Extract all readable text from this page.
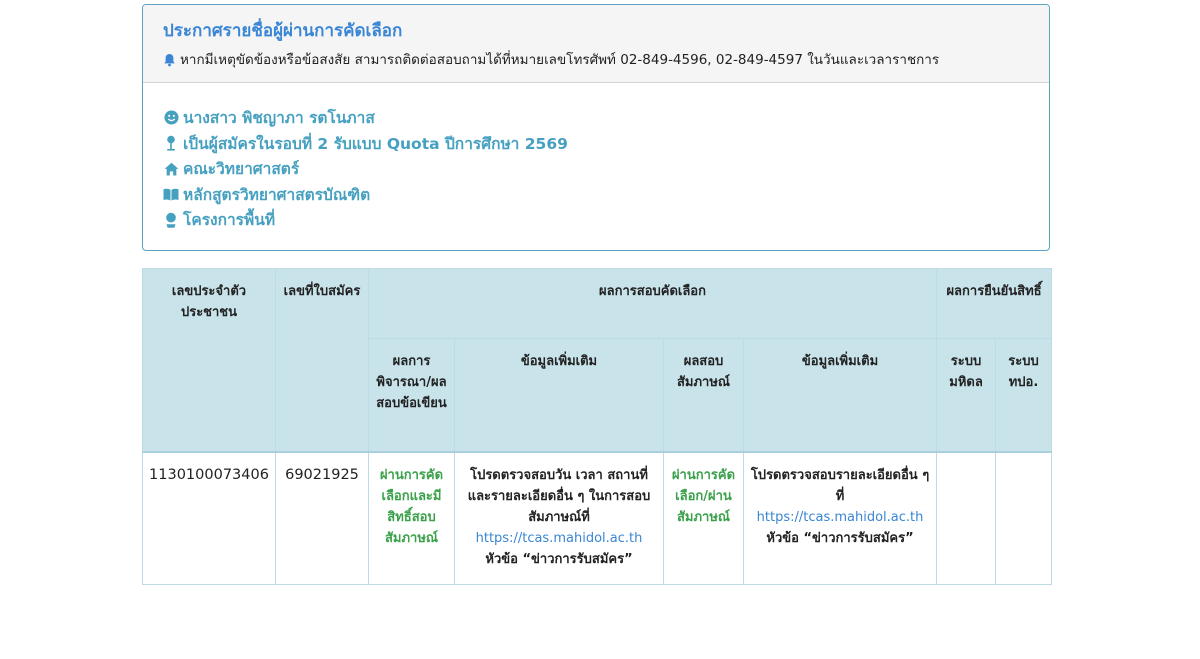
ประกาศรายชื่อผู้ผ่านการคัดเลือก
หากมีเหตุขัดข้องหรือข้อสงสัย สามารถติดต่อสอบถามได้ที่หมายเลขโทรศัพท์ 02-849-4596, 02-849-4597 ในวันและเวลาราชการ
นางสาว พิชญาภา รตโนภาส
เป็นผู้สมัครในรอบที่ 2 รับแบบ Quota ปีการศึกษา 2569
คณะวิทยาศาสตร์
หลักสูตรวิทยาศาสตรบัณฑิต
โครงการพื้นที่
เลขประจำตัวประชาชน	เลขที่ใบสมัคร	ผลการสอบคัดเลือก				ผลการยืนยันสิทธิ์	
		ผลการพิจารณา/ผลสอบข้อเขียน	ข้อมูลเพิ่มเติม	ผลสอบสัมภาษณ์	ข้อมูลเพิ่มเติม	ระบบมหิดล	ระบบ ทปอ.
1130100073406	69021925	ผ่านการคัดเลือกและมีสิทธิ์สอบสัมภาษณ์	โปรดตรวจสอบวัน เวลา สถานที่ และรายละเอียดอื่น ๆ ในการสอบสัมภาษณ์ที่
https://tcas.mahidol.ac.th
หัวข้อ “ข่าวการรับสมัคร”	ผ่านการคัดเลือก/ผ่านสัมภาษณ์	โปรดตรวจสอบรายละเอียดอื่น ๆ ที่
https://tcas.mahidol.ac.th
หัวข้อ “ข่าวการรับสมัคร”		
